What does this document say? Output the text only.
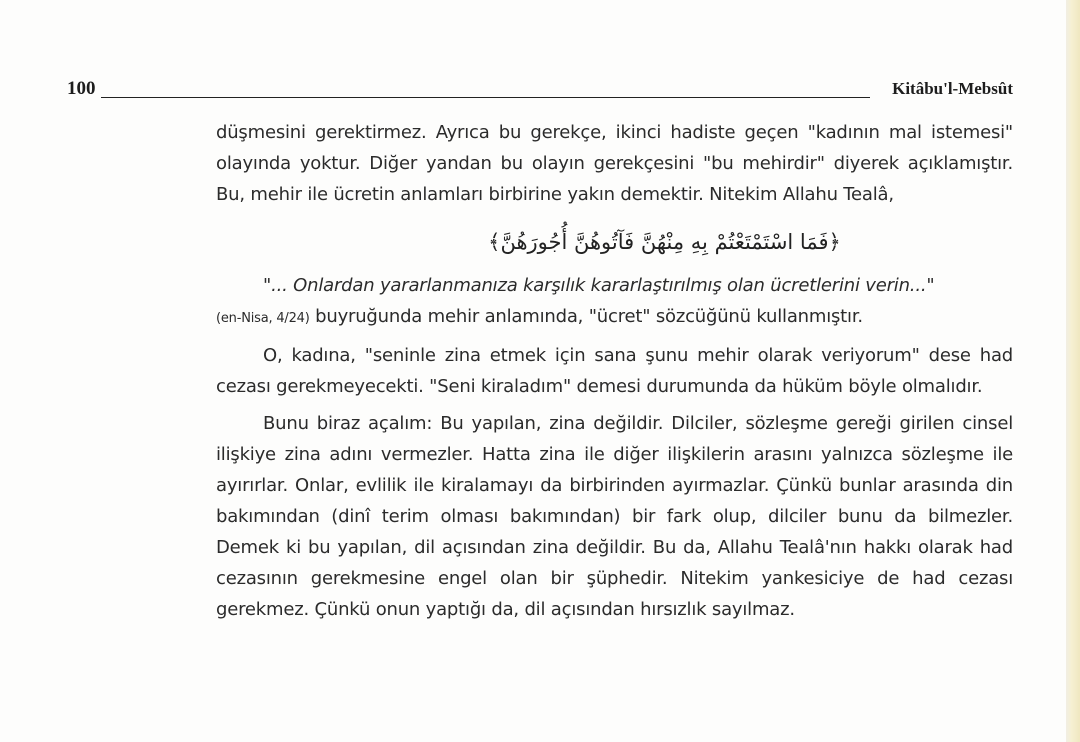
100	Kitâbu'l-Mebsût

düşmesini gerektirmez. Ayrıca bu gerekçe, ikinci hadiste geçen "kadının mal istemesi" olayında yoktur. Diğer yandan bu olayın gerekçesini "bu mehirdir" diyerek açıklamıştır. Bu, mehir ile ücretin anlamları birbirine yakın demektir. Nitekim Allahu Tealâ,

﴿فَمَا اسْتَمْتَعْتُمْ بِهِ مِنْهُنَّ فَآتُوهُنَّ أُجُورَهُنَّ﴾

"... Onlardan yararlanmanıza karşılık kararlaştırılmış olan ücretlerini verin..."

(en-Nisa, 4/24) buyruğunda mehir anlamında, "ücret" sözcüğünü kullanmıştır.

O, kadına, "seninle zina etmek için sana şunu mehir olarak veriyorum" dese had cezası gerekmeyecekti. "Seni kiraladım" demesi durumunda da hüküm böyle olmalıdır.

Bunu biraz açalım: Bu yapılan, zina değildir. Dilciler, sözleşme gereği girilen cinsel ilişkiye zina adını vermezler. Hatta zina ile diğer ilişkilerin arasını yalnızca sözleşme ile ayırırlar. Onlar, evlilik ile kiralamayı da birbirinden ayırmazlar. Çünkü bunlar arasında din bakımından (dinî terim olması bakımından) bir fark olup, dilciler bunu da bilmezler. Demek ki bu yapılan, dil açısından zina değildir. Bu da, Allahu Tealâ'nın hakkı olarak had cezasının gerekmesine engel olan bir şüphedir. Nitekim yankesiciye de had cezası gerekmez. Çünkü onun yaptığı da, dil açısından hırsızlık sayılmaz.
